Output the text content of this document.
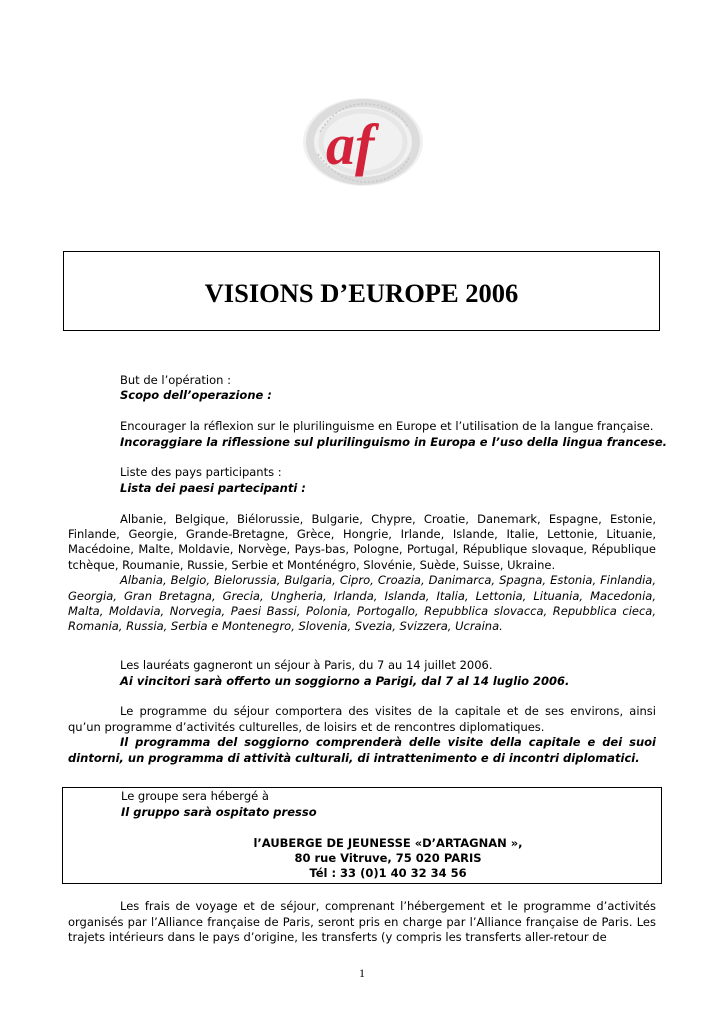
af
VISIONS D’EUROPE 2006

But de l’opération :

Scopo dell’operazione :

Encourager la réflexion sur le plurilinguisme en Europe et l’utilisation de la langue française.

Incoraggiare la riflessione sul plurilinguismo in Europa e l’uso della lingua francese.

Liste des pays participants :

Lista dei paesi partecipanti :

Albanie, Belgique, Biélorussie, Bulgarie, Chypre, Croatie, Danemark, Espagne, Estonie, Finlande, Georgie, Grande-Bretagne, Grèce, Hongrie, Irlande, Islande, Italie, Lettonie, Lituanie, Macédoine, Malte, Moldavie, Norvège, Pays-bas, Pologne, Portugal, République slovaque, République tchèque, Roumanie, Russie, Serbie et Monténégro, Slovénie, Suède, Suisse, Ukraine.

Albania, Belgio, Bielorussia, Bulgaria, Cipro, Croazia, Danimarca, Spagna, Estonia, Finlandia, Georgia, Gran Bretagna, Grecia, Ungheria, Irlanda, Islanda, Italia, Lettonia, Lituania, Macedonia, Malta, Moldavia, Norvegia, Paesi Bassi, Polonia, Portogallo, Repubblica slovacca, Repubblica cieca, Romania, Russia, Serbia e Montenegro, Slovenia, Svezia, Svizzera, Ucraina.

Les lauréats gagneront un séjour à Paris, du 7 au 14 juillet 2006.

Ai vincitori sarà offerto un soggiorno a Parigi, dal 7 al 14 luglio 2006.

Le programme du séjour comportera des visites de la capitale et de ses environs, ainsi qu’un programme d’activités culturelles, de loisirs et de rencontres diplomatiques.

Il programma del soggiorno comprenderà delle visite della capitale e dei suoi dintorni, un programma di attività culturali, di intrattenimento e di incontri diplomatici.

Le groupe sera hébergé à

Il gruppo sarà ospitato presso

l’AUBERGE DE JEUNESSE «D’ARTAGNAN »,

80 rue Vitruve, 75 020 PARIS

Tél : 33 (0)1 40 32 34 56

Les frais de voyage et de séjour, comprenant l’hébergement et le programme d’activités organisés par l’Alliance française de Paris, seront pris en charge par l’Alliance française de Paris. Les trajets intérieurs dans le pays d’origine, les transferts (y compris les transferts aller-retour de

1
